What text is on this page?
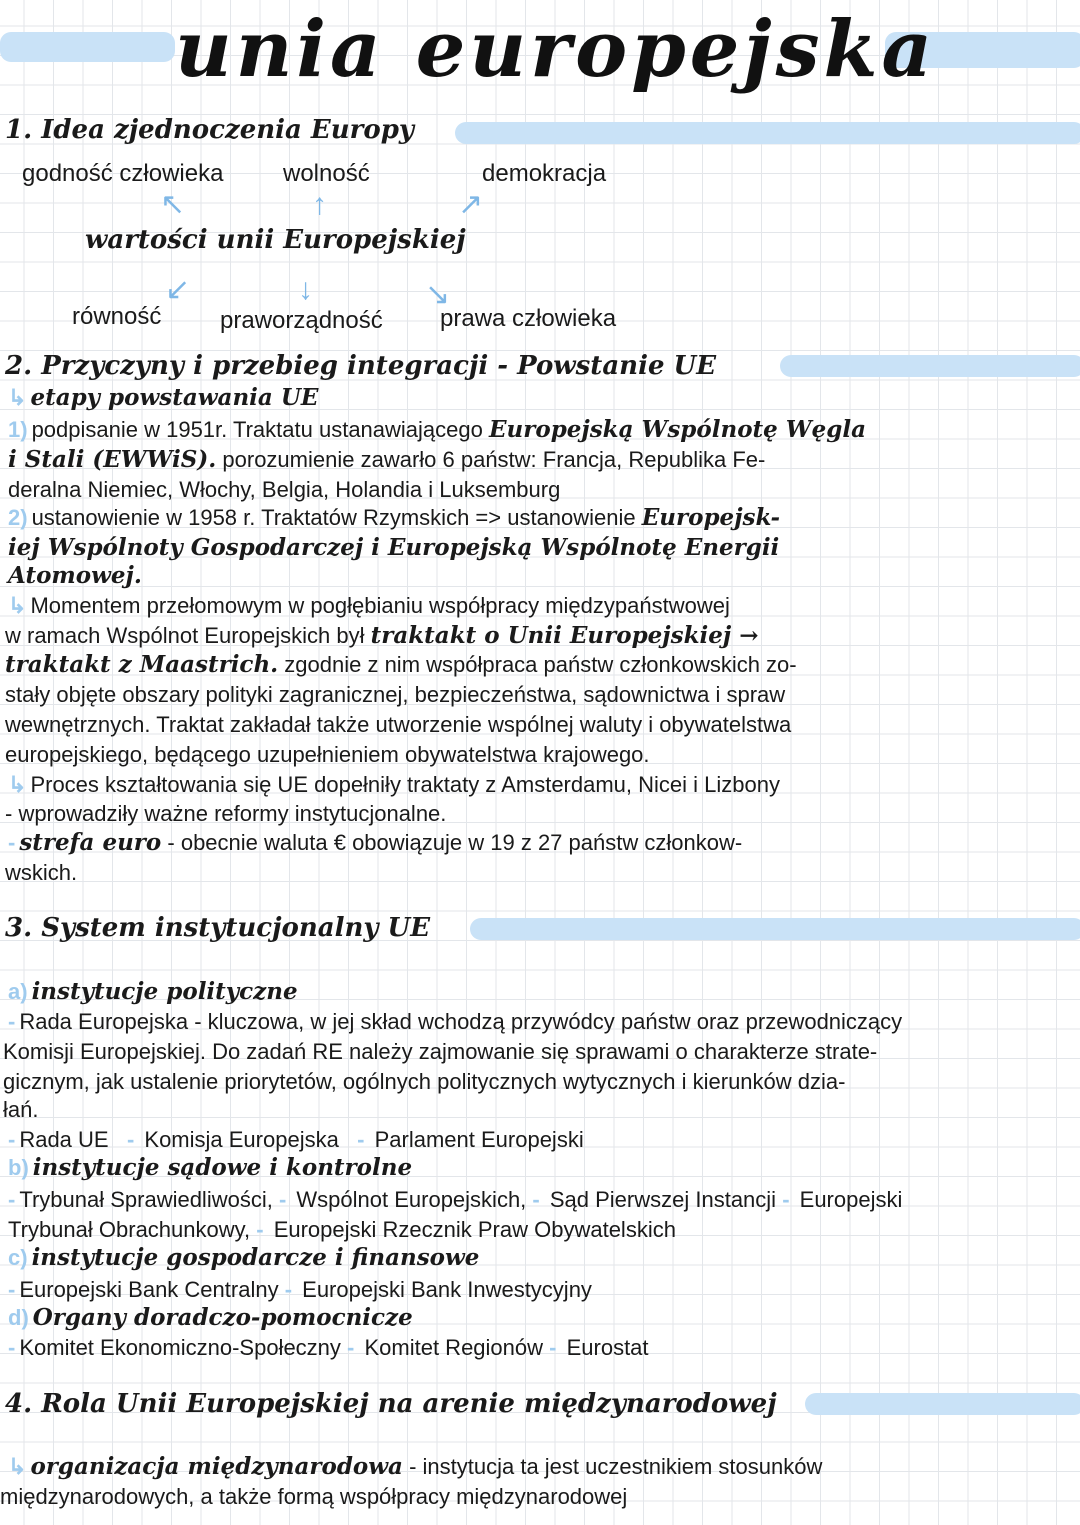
unia europejska
1. Idea zjednoczenia Europy
godność człowieka wolność	demokracja
↖	↑	↗
wartości unii Europejskiej
↙	↓	↘
równość praworządność prawa człowieka
2. Przyczyny i przebieg integracji - Powstanie UE
↳ etapy powstawania UE
1) podpisanie w 1951r. Traktatu ustanawiającego Europejską Wspólnotę Węgla
i Stali (EWWiS). porozumienie zawarło 6 państw: Francja, Republika Fe-
deralna Niemiec, Włochy, Belgia, Holandia i Luksemburg
2) ustanowienie w 1958 r. Traktatów Rzymskich => ustanowienie Europejsk-
iej Wspólnoty Gospodarczej i Europejską Wspólnotę Energii
Atomowej.
↳ Momentem przełomowym w pogłębianiu współpracy międzypaństwowej
w ramach Wspólnot Europejskich był traktakt o Unii Europejskiej →
traktakt z Maastrich. zgodnie z nim współpraca państw członkowskich zo-
stały objęte obszary polityki zagranicznej, bezpieczeństwa, sądownictwa i spraw
wewnętrznych. Traktat zakładał także utworzenie wspólnej waluty i obywatelstwa
europejskiego, będącego uzupełnieniem obywatelstwa krajowego.
↳ Proces kształtowania się UE dopełniły traktaty z Amsterdamu, Nicei i Lizbony
- wprowadziły ważne reformy instytucjonalne.
- strefa euro - obecnie waluta € obowiązuje w 19 z 27 państw członkow-
wskich.
3. System instytucjonalny UE
a) instytucje polityczne
- Rada Europejska - kluczowa, w jej skład wchodzą przywódcy państw oraz przewodniczący
Komisji Europejskiej. Do zadań RE należy zajmowanie się sprawami o charakterze strate-
gicznym, jak ustalenie priorytetów, ogólnych politycznych wytycznych i kierunków dzia-
łań.
- Rada UE   - Komisja Europejska   - Parlament Europejski
b) instytucje sądowe i kontrolne
- Trybunał Sprawiedliwości, - Wspólnot Europejskich, - Sąd Pierwszej Instancji - Europejski
Trybunał Obrachunkowy, - Europejski Rzecznik Praw Obywatelskich
c) instytucje gospodarcze i finansowe
- Europejski Bank Centralny - Europejski Bank Inwestycyjny
d) Organy doradczo-pomocnicze
- Komitet Ekonomiczno-Społeczny - Komitet Regionów - Eurostat
4. Rola Unii Europejskiej na arenie międzynarodowej
↳ organizacja międzynarodowa - instytucja ta jest uczestnikiem stosunków
międzynarodowych, a także formą współpracy międzynarodowej
